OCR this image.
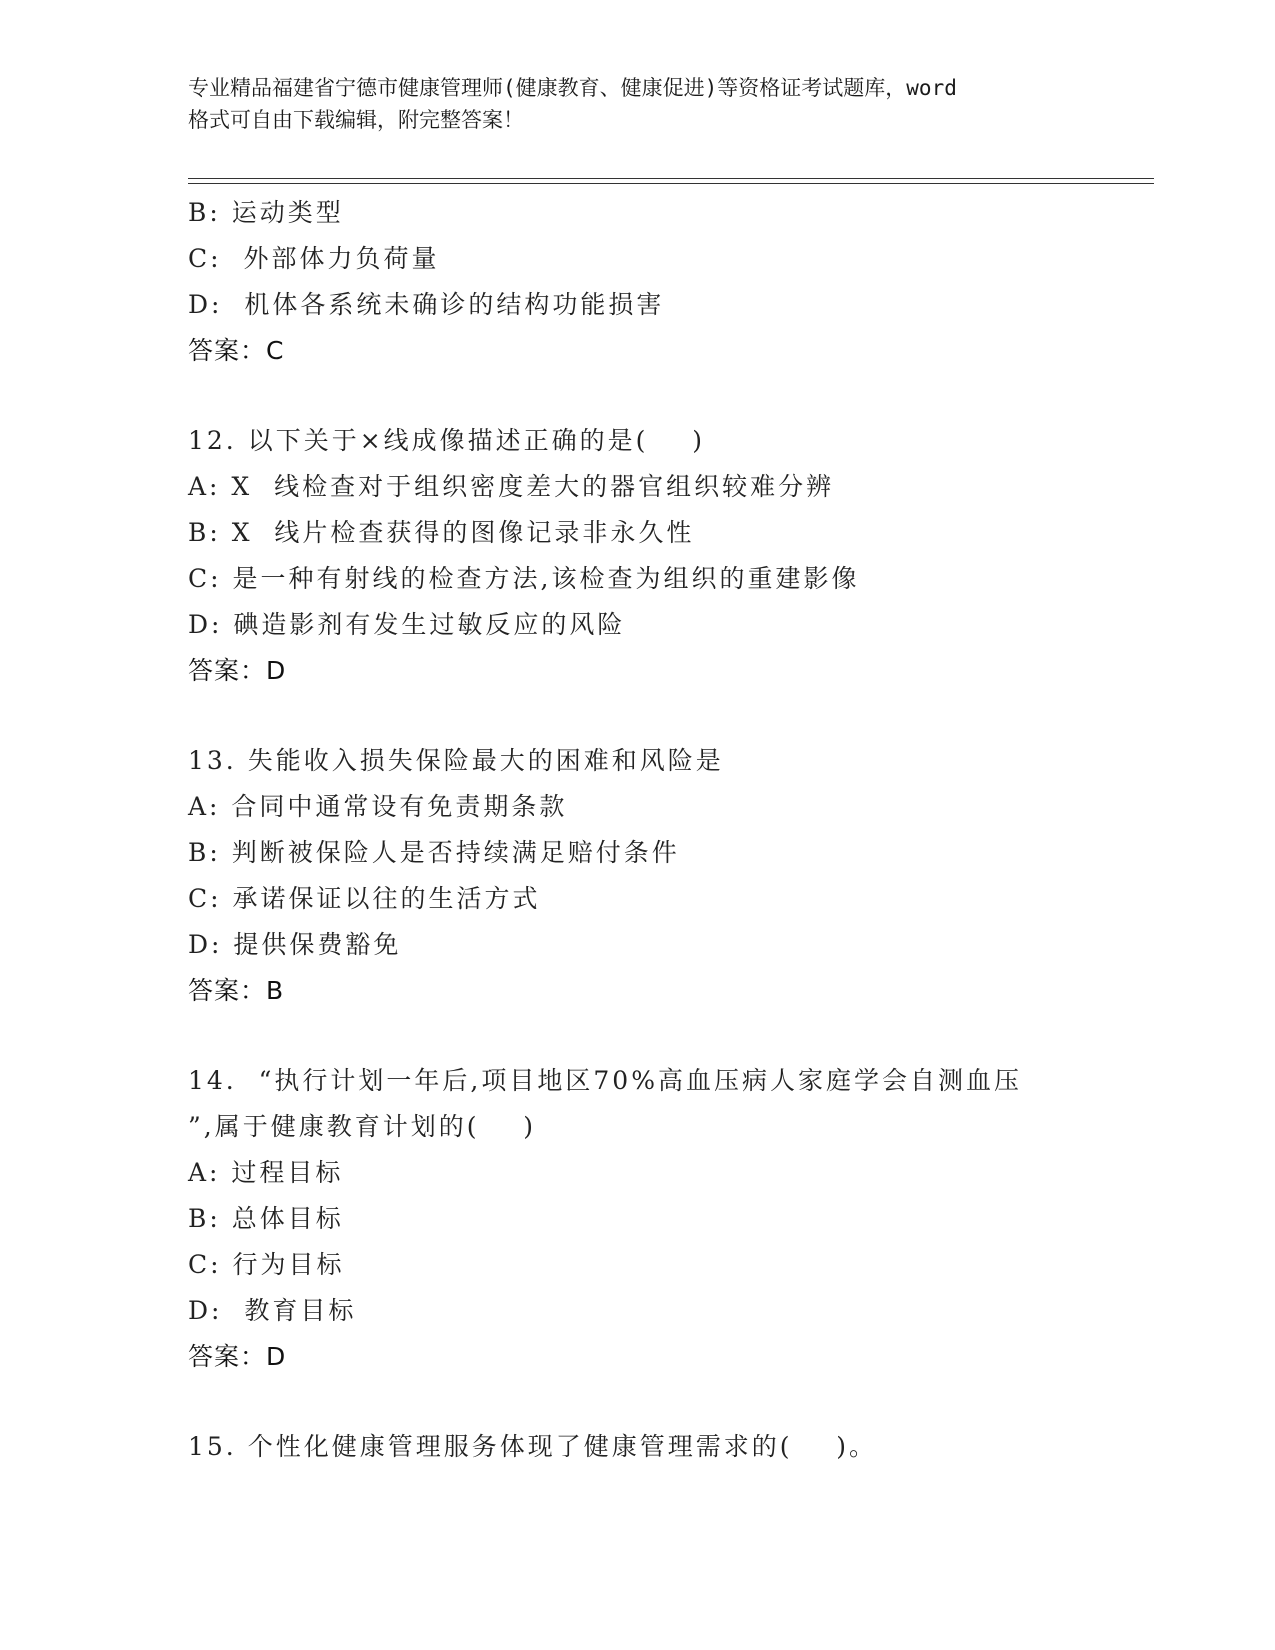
专业精品福建省宁德市健康管理师(健康教育、健康促进)等资格证考试题库，word
格式可自由下载编辑，附完整答案！
B: 运动类型
C:  外部体力负荷量
D:  机体各系统未确诊的结构功能损害
答案：C
12. 以下关于×线成像描述正确的是(    )
A: X  线检查对于组织密度差大的器官组织较难分辨
B: X  线片检查获得的图像记录非永久性
C: 是一种有射线的检查方法,该检查为组织的重建影像
D: 碘造影剂有发生过敏反应的风险
答案：D
13. 失能收入损失保险最大的困难和风险是
A: 合同中通常设有免责期条款
B: 判断被保险人是否持续满足赔付条件
C: 承诺保证以往的生活方式
D: 提供保费豁免
答案：B
14.  “执行计划一年后,项目地区70%高血压病人家庭学会自测血压
”,属于健康教育计划的(    )
A: 过程目标
B: 总体目标
C: 行为目标
D:  教育目标
答案：D
15. 个性化健康管理服务体现了健康管理需求的(    )。
